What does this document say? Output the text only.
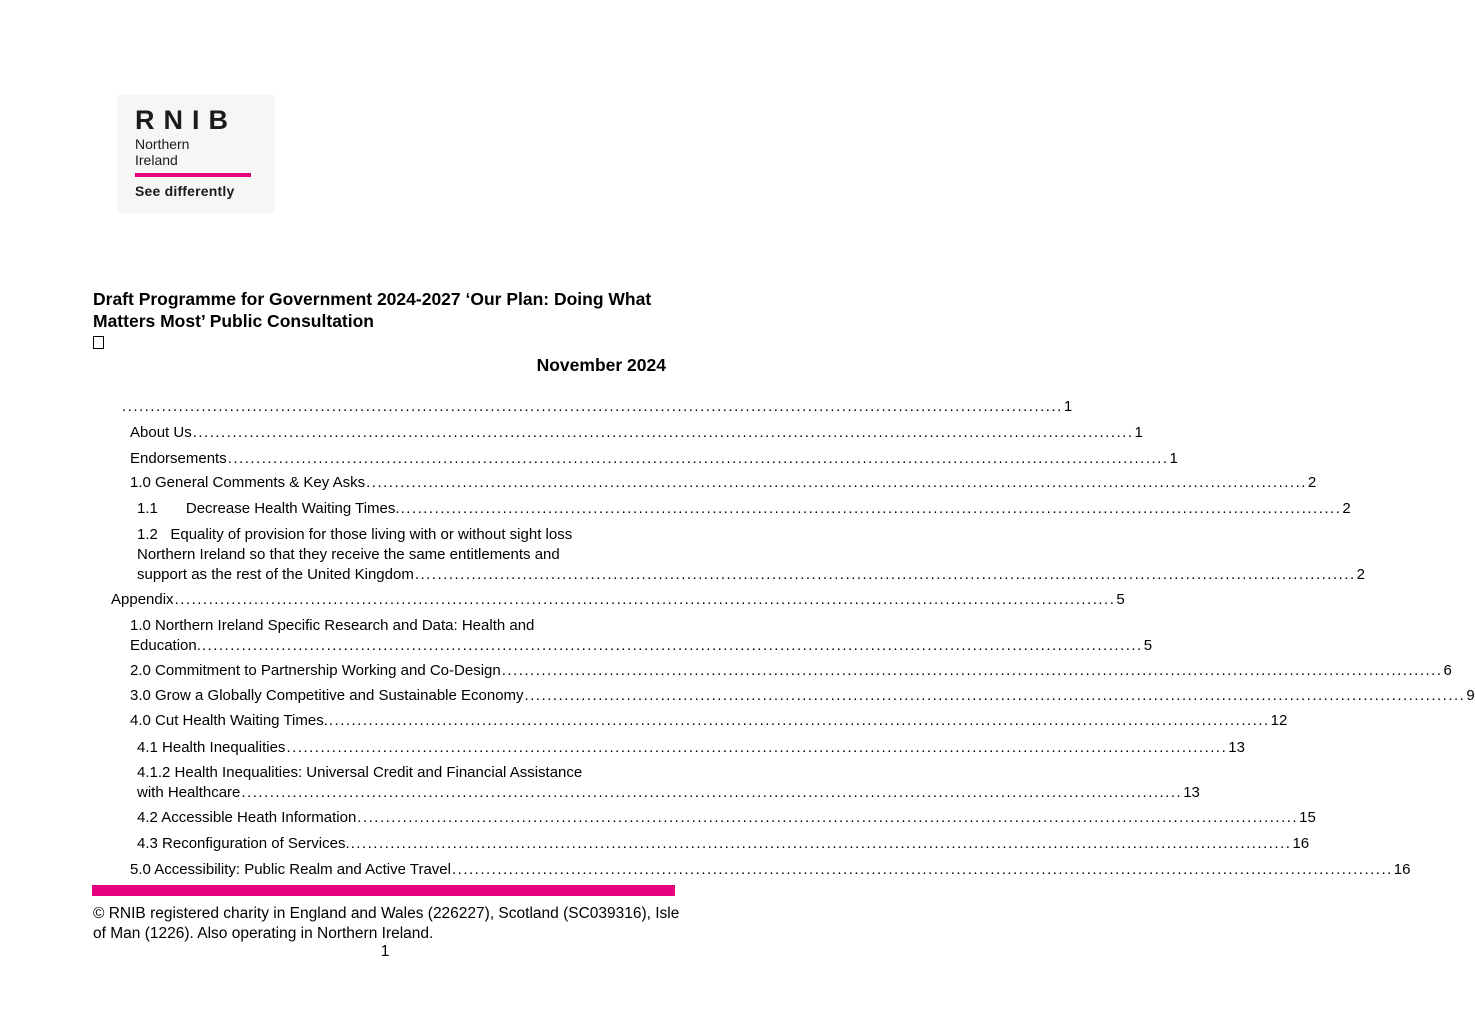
RNIB
Northern
Ireland
See differently
Draft Programme for Government 2024-2027 ‘Our Plan: Doing What Matters Most’ Public Consultation
November 2024
...................................................................................................................................................................... 1
About Us ...................................................................................................................................................................... 1
Endorsements ...................................................................................................................................................................... 1
1.0 General Comments & Key Asks ...................................................................................................................................................................... 2
1.1 Decrease Health Waiting Times. ...................................................................................................................................................................... 2
1.2   Equality of provision for those living with or without sight loss
Northern Ireland so that they receive the same entitlements and
support as the rest of the United Kingdom ...................................................................................................................................................................... 2
Appendix ...................................................................................................................................................................... 5
1.0 Northern Ireland Specific Research and Data: Health and
Education. ...................................................................................................................................................................... 5
2.0 Commitment to Partnership Working and Co-Design ...................................................................................................................................................................... 6
3.0 Grow a Globally Competitive and Sustainable Economy ...................................................................................................................................................................... 9
4.0 Cut Health Waiting Times. ...................................................................................................................................................................... 12
4.1 Health Inequalities ...................................................................................................................................................................... 13
4.1.2 Health Inequalities: Universal Credit and Financial Assistance
with Healthcare ...................................................................................................................................................................... 13
4.2 Accessible Heath Information ...................................................................................................................................................................... 15
4.3 Reconfiguration of Services. ...................................................................................................................................................................... 16
5.0 Accessibility: Public Realm and Active Travel ...................................................................................................................................................................... 16
© RNIB registered charity in England and Wales (226227), Scotland (SC039316), Isle of Man (1226). Also operating in Northern Ireland.
1
